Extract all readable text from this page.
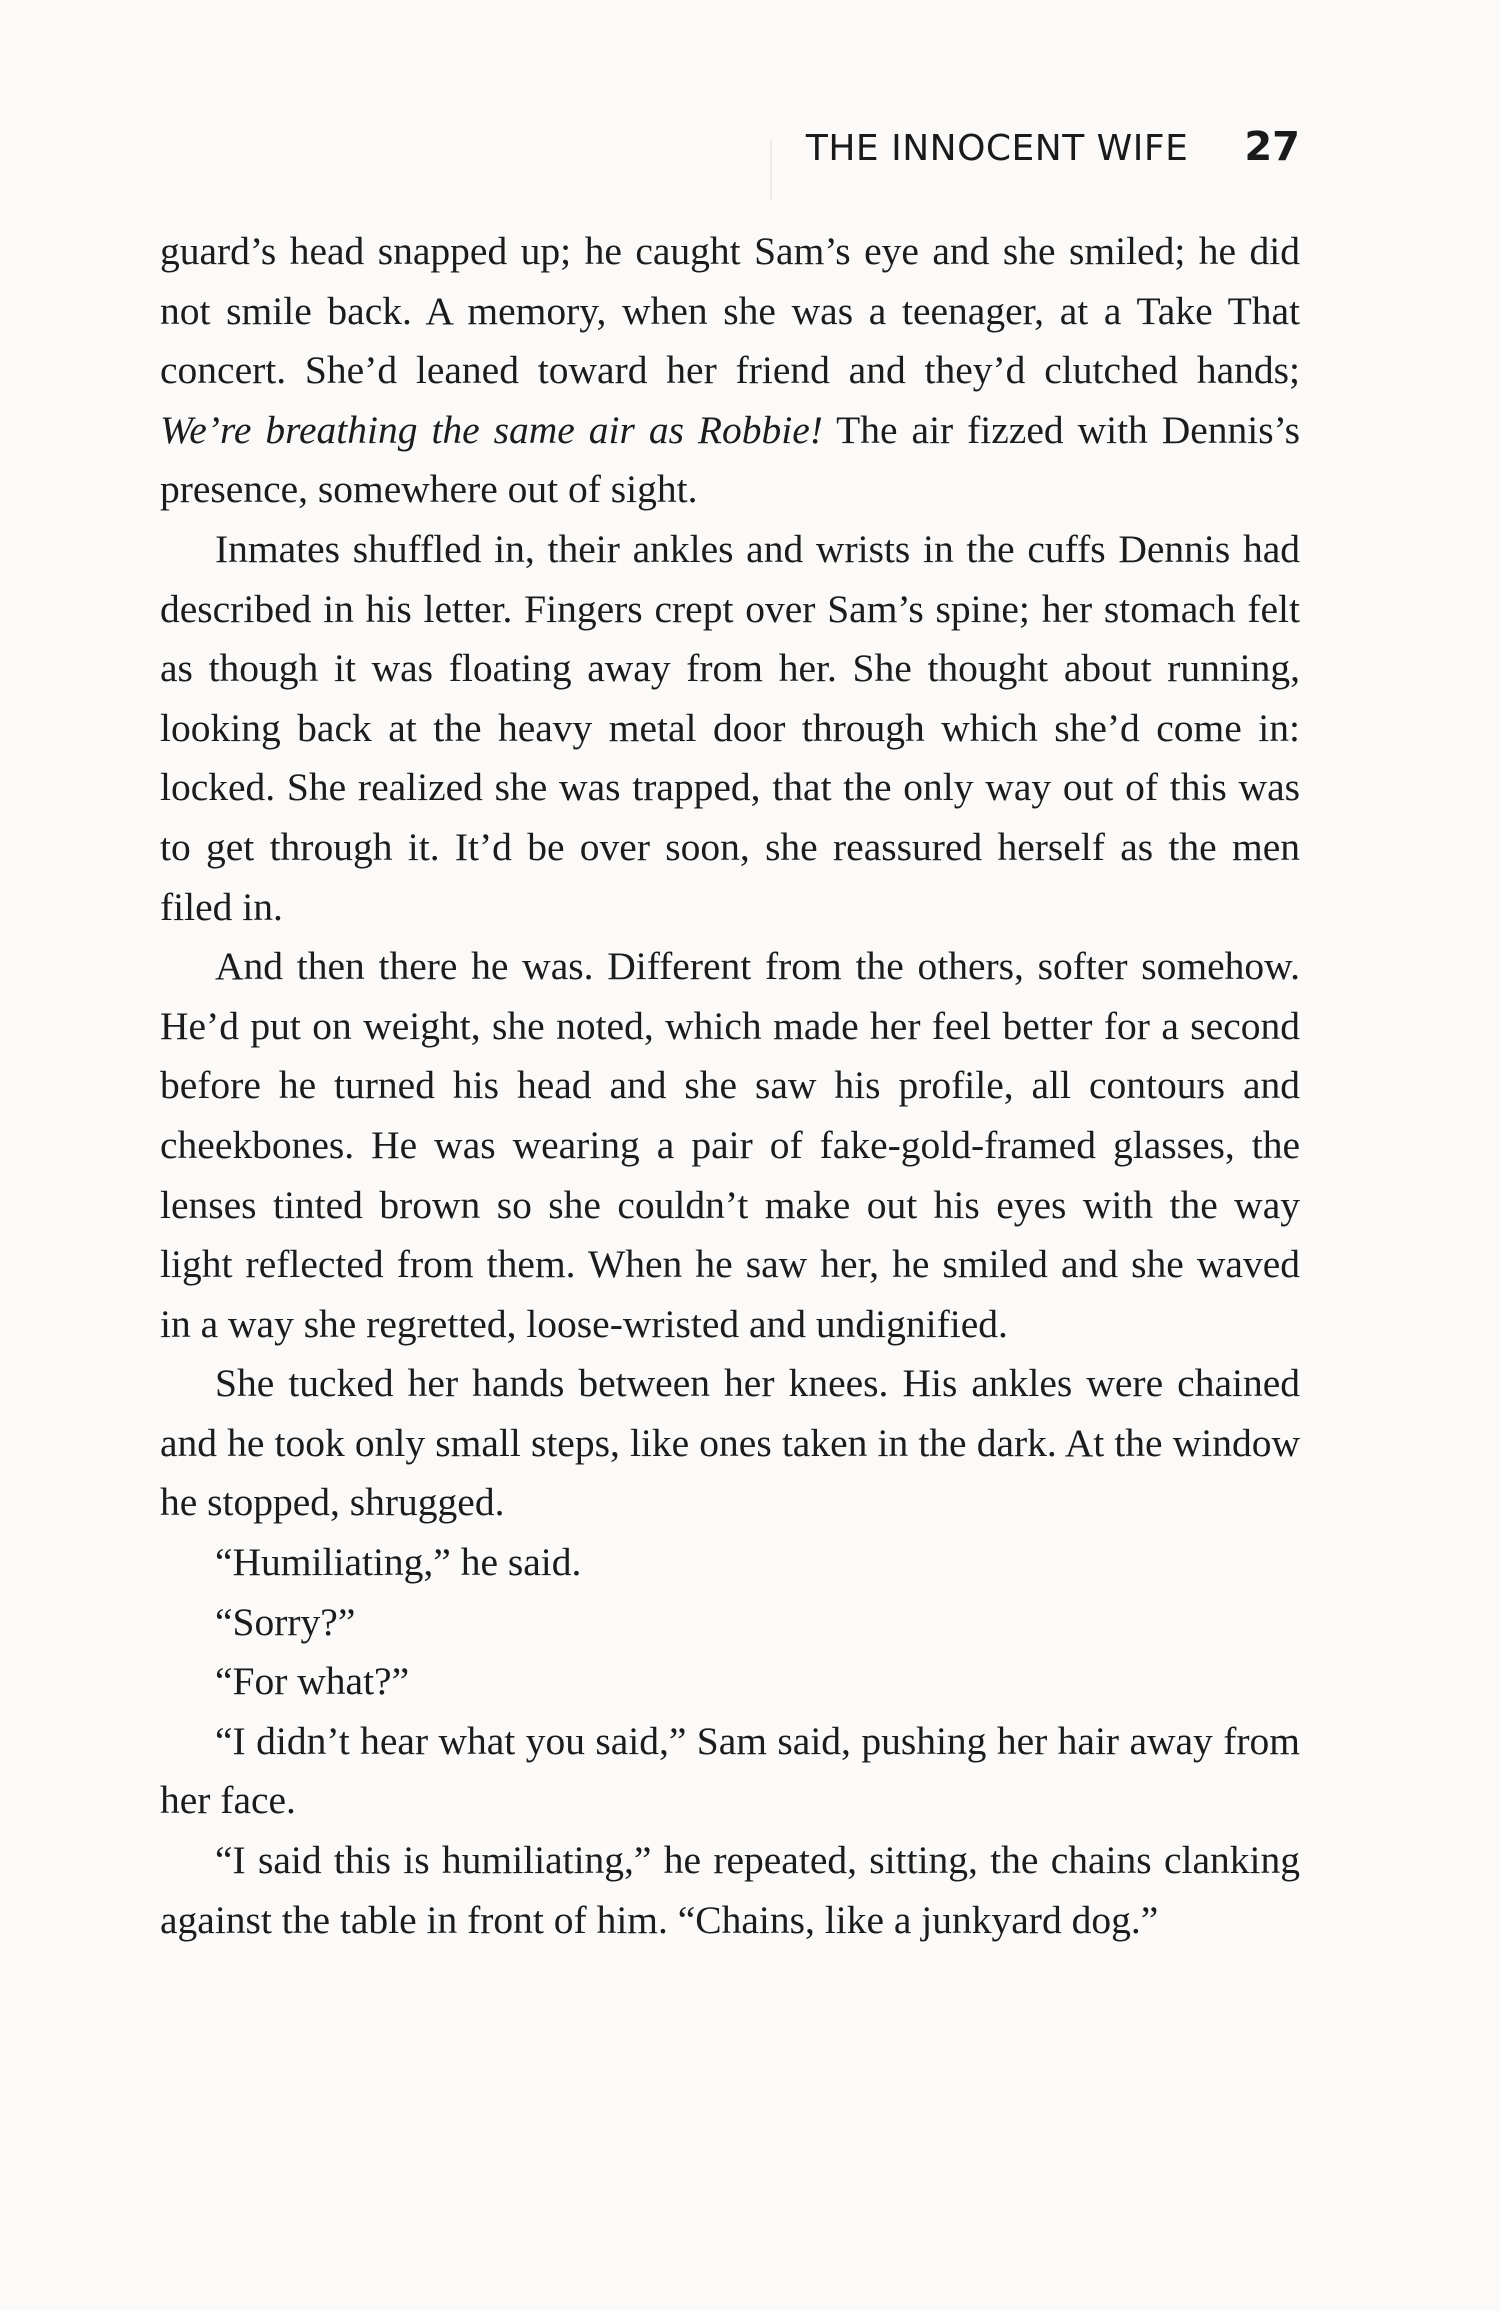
THE INNOCENT WIFE 27

guard’s head snapped up; he caught Sam’s eye and she smiled; he did not smile back. A memory, when she was a teenager, at a Take That concert. She’d leaned toward her friend and they’d clutched hands; We’re breathing the same air as Robbie! The air fizzed with Dennis’s presence, somewhere out of sight.

Inmates shuffled in, their ankles and wrists in the cuffs Dennis had described in his letter. Fingers crept over Sam’s spine; her stomach felt as though it was floating away from her. She thought about running, looking back at the heavy metal door through which she’d come in: locked. She realized she was trapped, that the only way out of this was to get through it. It’d be over soon, she reassured herself as the men filed in.

And then there he was. Different from the others, softer somehow. He’d put on weight, she noted, which made her feel better for a second before he turned his head and she saw his profile, all contours and cheekbones. He was wearing a pair of fake-gold-framed glasses, the lenses tinted brown so she couldn’t make out his eyes with the way light reflected from them. When he saw her, he smiled and she waved in a way she regretted, loose-wristed and undignified.

She tucked her hands between her knees. His ankles were chained and he took only small steps, like ones taken in the dark. At the window he stopped, shrugged.

“Humiliating,” he said.

“Sorry?”

“For what?”

“I didn’t hear what you said,” Sam said, pushing her hair away from her face.

“I said this is humiliating,” he repeated, sitting, the chains clanking against the table in front of him. “Chains, like a junkyard dog.”
